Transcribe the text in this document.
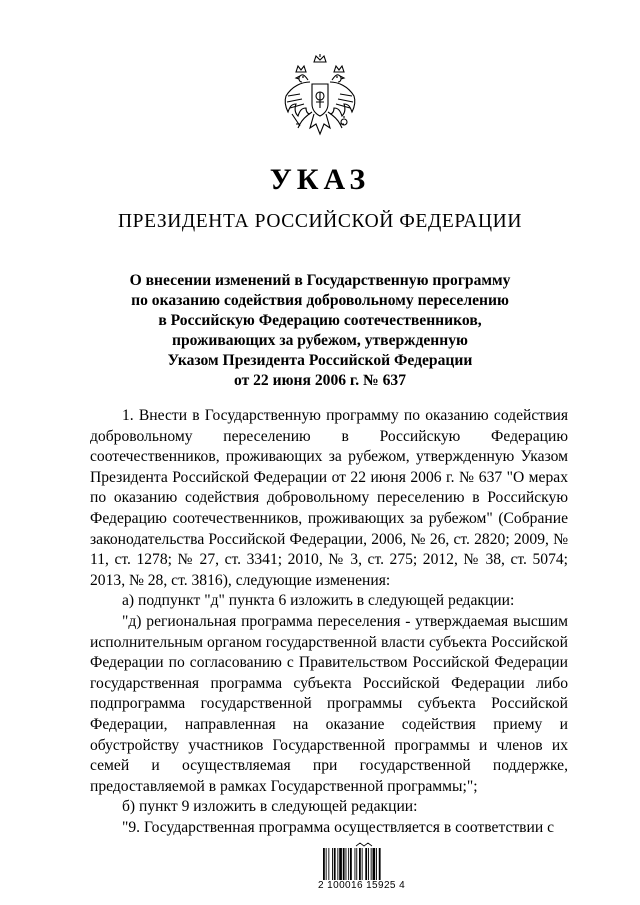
УКАЗ
ПРЕЗИДЕНТА РОССИЙСКОЙ ФЕДЕРАЦИИ
О внесении изменений в Государственную программу
по оказанию содействия добровольному переселению
в Российскую Федерацию соотечественников,
проживающих за рубежом, утвержденную
Указом Президента Российской Федерации
от 22 июня 2006 г. № 637

1. Внести в Государственную программу по оказанию содействия добровольному переселению в Российскую Федерацию соотечественников, проживающих за рубежом, утвержденную Указом Президента Российской Федерации от 22 июня 2006 г. № 637 "О мерах по оказанию содействия добровольному переселению в Российскую Федерацию соотечественников, проживающих за рубежом" (Собрание законодательства Российской Федерации, 2006, № 26, ст. 2820; 2009, № 11, ст. 1278; № 27, ст. 3341; 2010, № 3, ст. 275; 2012, № 38, ст. 5074; 2013, № 28, ст. 3816), следующие изменения:

а) подпункт "д" пункта 6 изложить в следующей редакции:

"д) региональная программа переселения - утверждаемая высшим исполнительным органом государственной власти субъекта Российской Федерации по согласованию с Правительством Российской Федерации государственная программа субъекта Российской Федерации либо подпрограмма государственной программы субъекта Российской Федерации, направленная на оказание содействия приему и обустройству участников Государственной программы и членов их семей и осуществляемая при государственной поддержке, предоставляемой в рамках Государственной программы;";

б) пункт 9 изложить в следующей редакции:

"9. Государственная программа осуществляется в соответствии с

2 100016 15925 4
